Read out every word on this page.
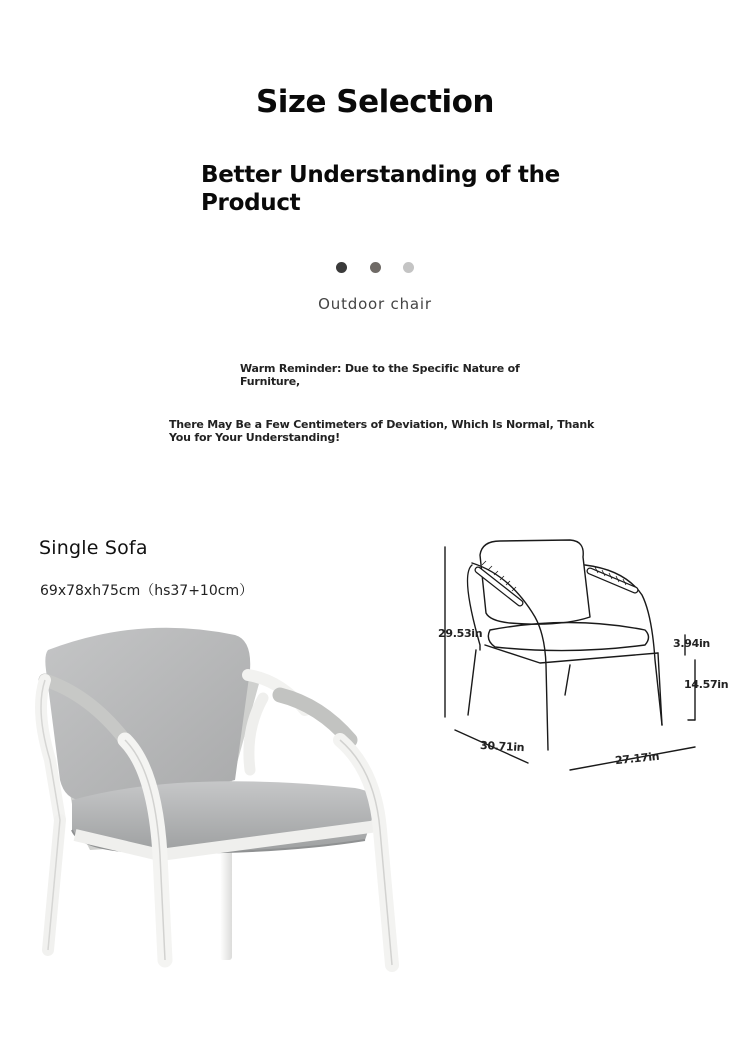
Size Selection
Better Understanding of the Product
Outdoor chair
Warm Reminder: Due to the Specific Nature of Furniture,
There May Be a Few Centimeters of Deviation, Which Is Normal, Thank You for Your Understanding!
Single Sofa
69x78xh75cm（hs37+10cm）
29.53in
3.94in
14.57in
30.71in
27.17in
